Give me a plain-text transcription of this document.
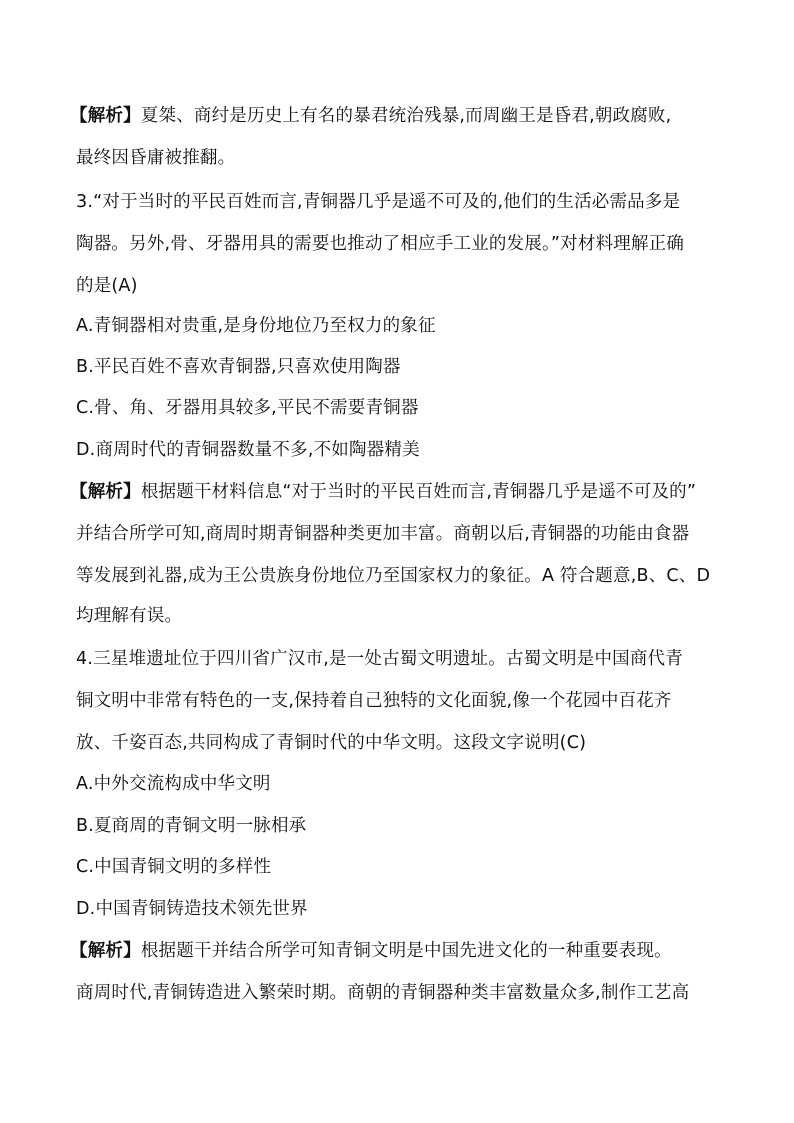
【解析】夏桀、商纣是历史上有名的暴君统治残暴,而周幽王是昏君,朝政腐败,
最终因昏庸被推翻。
3.“对于当时的平民百姓而言,青铜器几乎是遥不可及的,他们的生活必需品多是
陶器。另外,骨、牙器用具的需要也推动了相应手工业的发展。”对材料理解正确
的是(A)
A.青铜器相对贵重,是身份地位乃至权力的象征
B.平民百姓不喜欢青铜器,只喜欢使用陶器
C.骨、角、牙器用具较多,平民不需要青铜器
D.商周时代的青铜器数量不多,不如陶器精美
【解析】根据题干材料信息“对于当时的平民百姓而言,青铜器几乎是遥不可及的”
并结合所学可知,商周时期青铜器种类更加丰富。商朝以后,青铜器的功能由食器
等发展到礼器,成为王公贵族身份地位乃至国家权力的象征。A 符合题意,B、C、D
均理解有误。
4.三星堆遗址位于四川省广汉市,是一处古蜀文明遗址。古蜀文明是中国商代青
铜文明中非常有特色的一支,保持着自己独特的文化面貌,像一个花园中百花齐
放、千姿百态,共同构成了青铜时代的中华文明。这段文字说明(C)
A.中外交流构成中华文明
B.夏商周的青铜文明一脉相承
C.中国青铜文明的多样性
D.中国青铜铸造技术领先世界
【解析】根据题干并结合所学可知青铜文明是中国先进文化的一种重要表现。
商周时代,青铜铸造进入繁荣时期。商朝的青铜器种类丰富数量众多,制作工艺高
